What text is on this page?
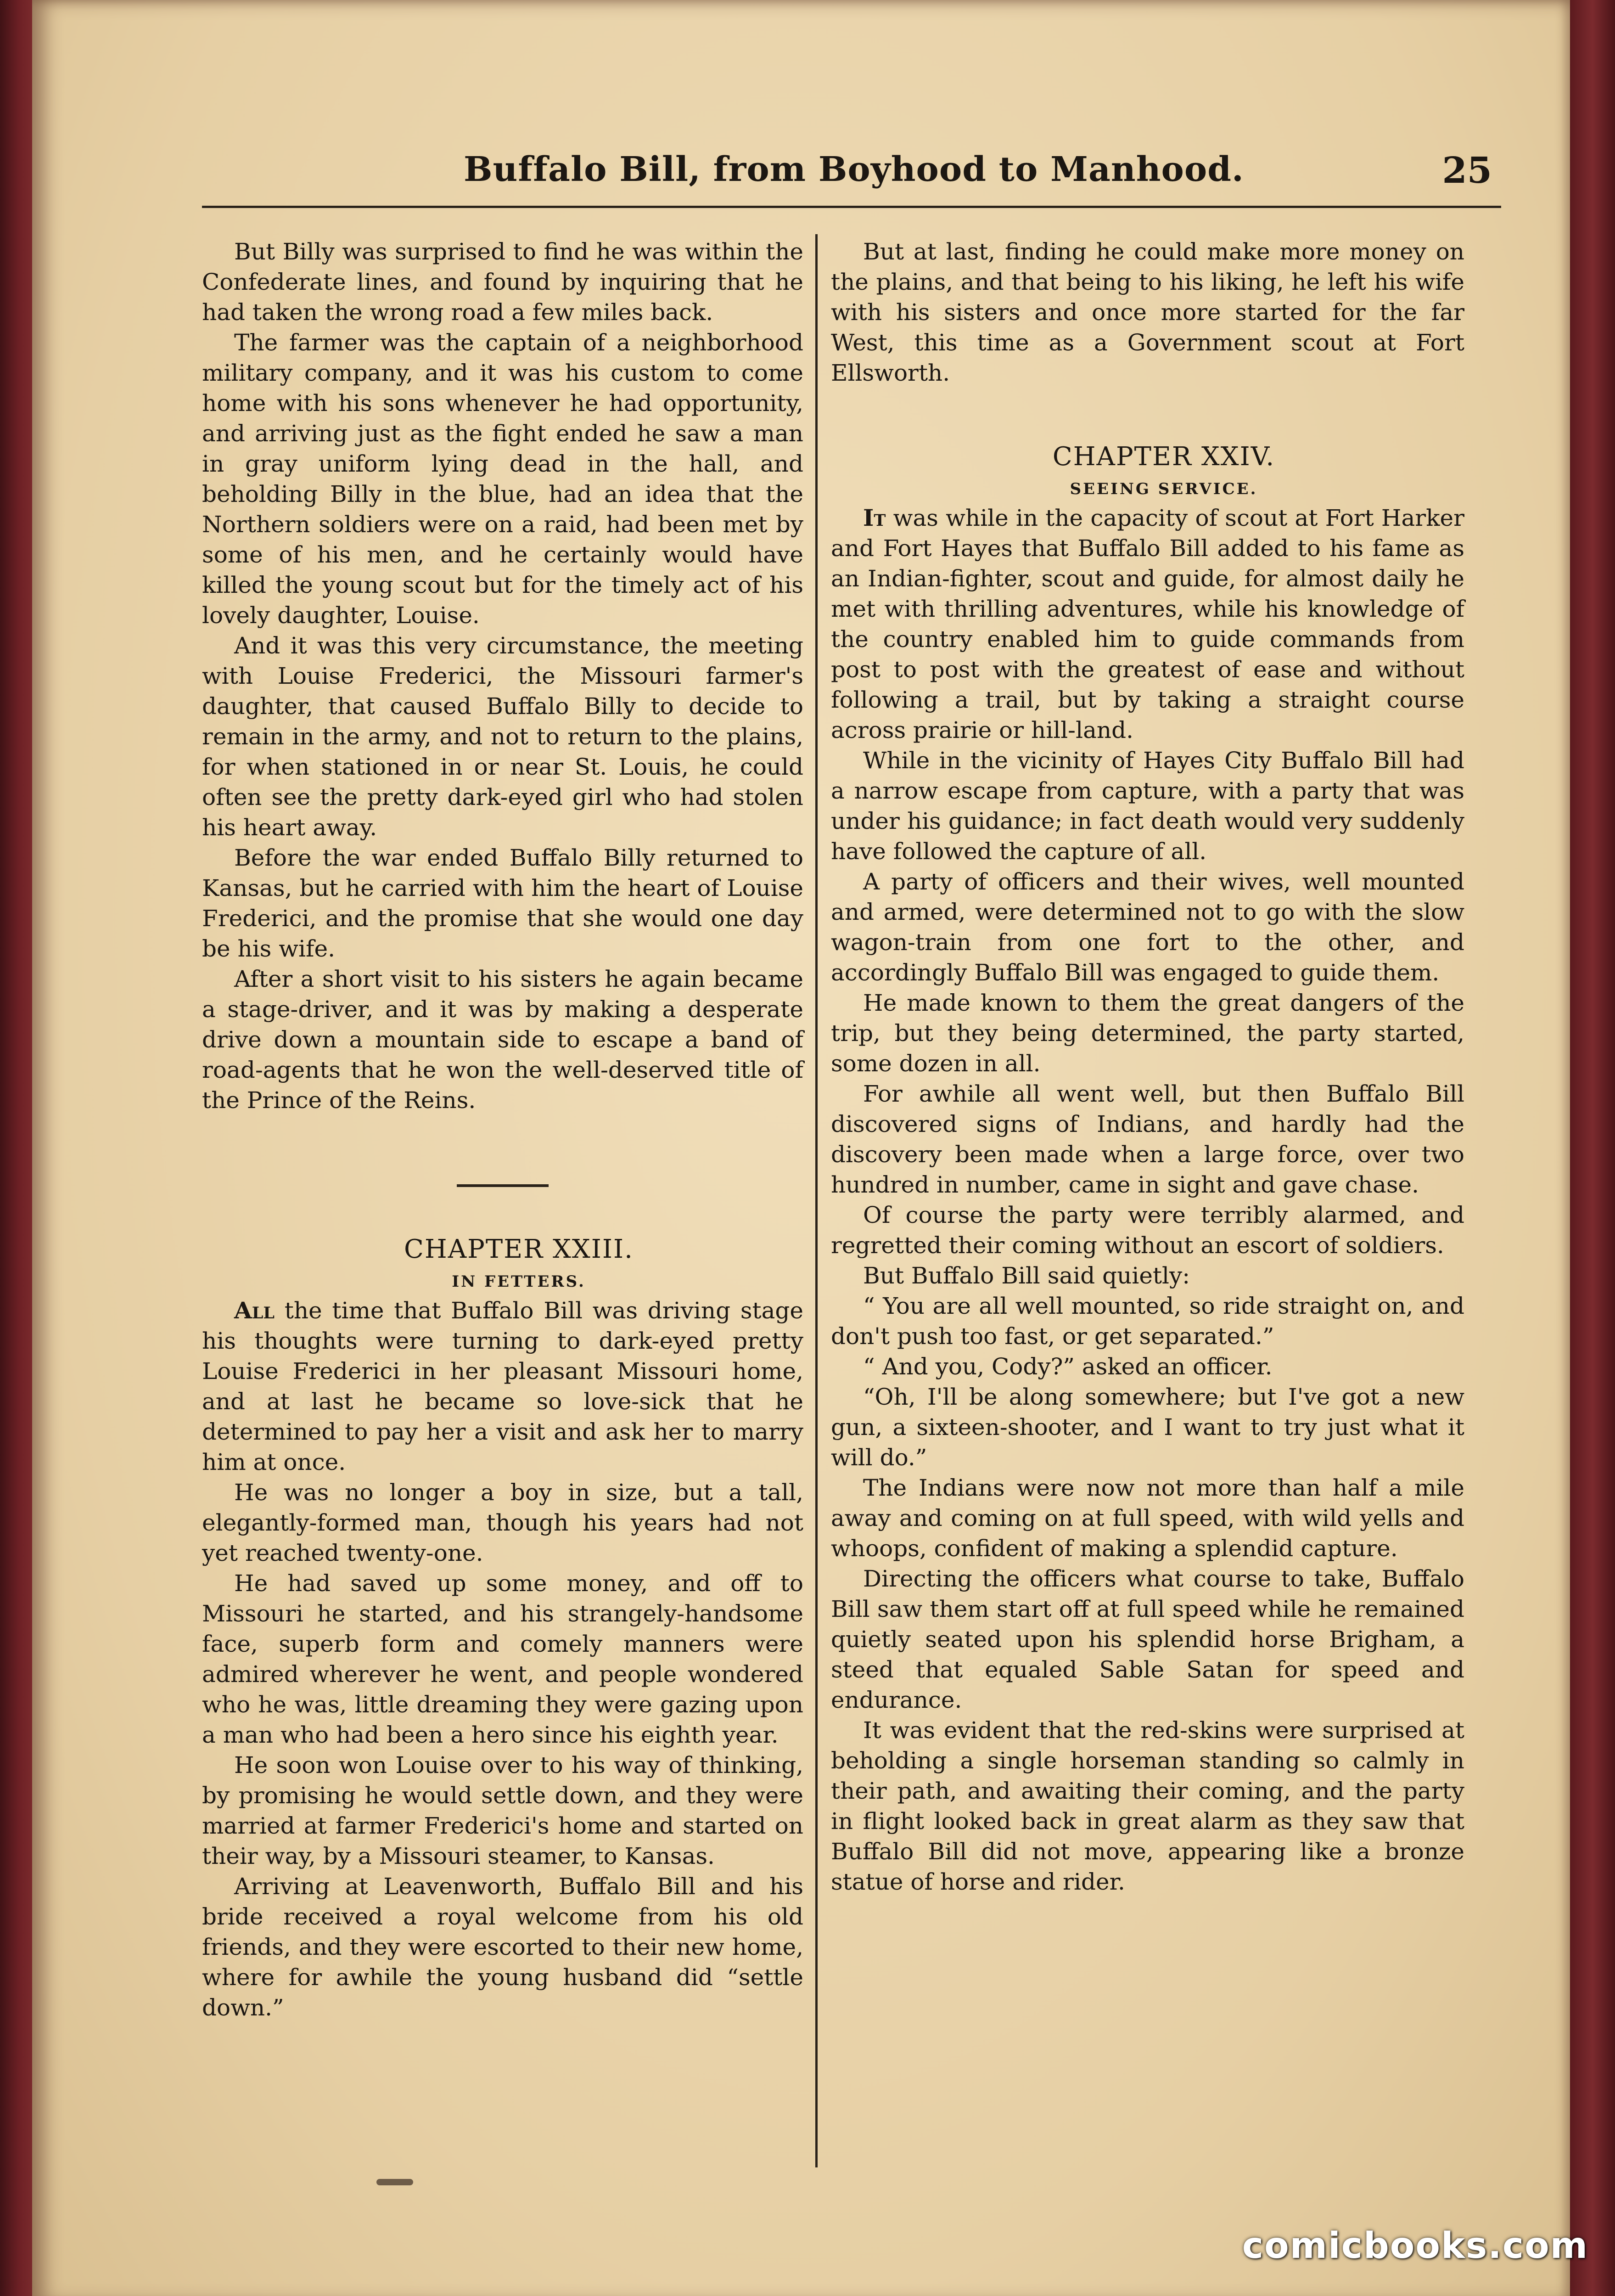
Buffalo Bill, from Boyhood to Manhood.	25

But Billy was surprised to find he was within the Confederate lines, and found by inquiring that he had taken the wrong road a few miles back.

The farmer was the captain of a neighborhood military company, and it was his custom to come home with his sons whenever he had opportunity, and arriving just as the fight ended he saw a man in gray uniform lying dead in the hall, and beholding Billy in the blue, had an idea that the Northern soldiers were on a raid, had been met by some of his men, and he certainly would have killed the young scout but for the timely act of his lovely daughter, Louise.

And it was this very circumstance, the meeting with Louise Frederici, the Missouri farmer's daughter, that caused Buffalo Billy to decide to remain in the army, and not to return to the plains, for when stationed in or near St. Louis, he could often see the pretty dark-eyed girl who had stolen his heart away.

Before the war ended Buffalo Billy returned to Kansas, but he carried with him the heart of Louise Frederici, and the promise that she would one day be his wife.

After a short visit to his sisters he again became a stage-driver, and it was by making a desperate drive down a mountain side to escape a band of road-agents that he won the well-deserved title of the Prince of the Reins.

CHAPTER XXIII.

IN FETTERS.

All the time that Buffalo Bill was driving stage his thoughts were turning to dark-eyed pretty Louise Frederici in her pleasant Missouri home, and at last he became so love-sick that he determined to pay her a visit and ask her to marry him at once.

He was no longer a boy in size, but a tall, elegantly-formed man, though his years had not yet reached twenty-one.

He had saved up some money, and off to Missouri he started, and his strangely-handsome face, superb form and comely manners were admired wherever he went, and people wondered who he was, little dreaming they were gazing upon a man who had been a hero since his eighth year.

He soon won Louise over to his way of thinking, by promising he would settle down, and they were married at farmer Frederici's home and started on their way, by a Missouri steamer, to Kansas.

Arriving at Leavenworth, Buffalo Bill and his bride received a royal welcome from his old friends, and they were escorted to their new home, where for awhile the young husband did “settle down.”

But at last, finding he could make more money on the plains, and that being to his liking, he left his wife with his sisters and once more started for the far West, this time as a Government scout at Fort Ellsworth.

CHAPTER XXIV.

SEEING SERVICE.

It was while in the capacity of scout at Fort Harker and Fort Hayes that Buffalo Bill added to his fame as an Indian-fighter, scout and guide, for almost daily he met with thrilling adventures, while his knowledge of the country enabled him to guide commands from post to post with the greatest of ease and without following a trail, but by taking a straight course across prairie or hill-land.

While in the vicinity of Hayes City Buffalo Bill had a narrow escape from capture, with a party that was under his guidance; in fact death would very suddenly have followed the capture of all.

A party of officers and their wives, well mounted and armed, were determined not to go with the slow wagon-train from one fort to the other, and accordingly Buffalo Bill was engaged to guide them.

He made known to them the great dangers of the trip, but they being determined, the party started, some dozen in all.

For awhile all went well, but then Buffalo Bill discovered signs of Indians, and hardly had the discovery been made when a large force, over two hundred in number, came in sight and gave chase.

Of course the party were terribly alarmed, and regretted their coming without an escort of soldiers.

But Buffalo Bill said quietly:

“ You are all well mounted, so ride straight on, and don't push too fast, or get separated.”

“ And you, Cody?” asked an officer.

“Oh, I'll be along somewhere; but I've got a new gun, a sixteen-shooter, and I want to try just what it will do.”

The Indians were now not more than half a mile away and coming on at full speed, with wild yells and whoops, confident of making a splendid capture.

Directing the officers what course to take, Buffalo Bill saw them start off at full speed while he remained quietly seated upon his splendid horse Brigham, a steed that equaled Sable Satan for speed and endurance.

It was evident that the red-skins were surprised at beholding a single horseman standing so calmly in their path, and awaiting their coming, and the party in flight looked back in great alarm as they saw that Buffalo Bill did not move, appearing like a bronze statue of horse and rider.

comicbooks.com
